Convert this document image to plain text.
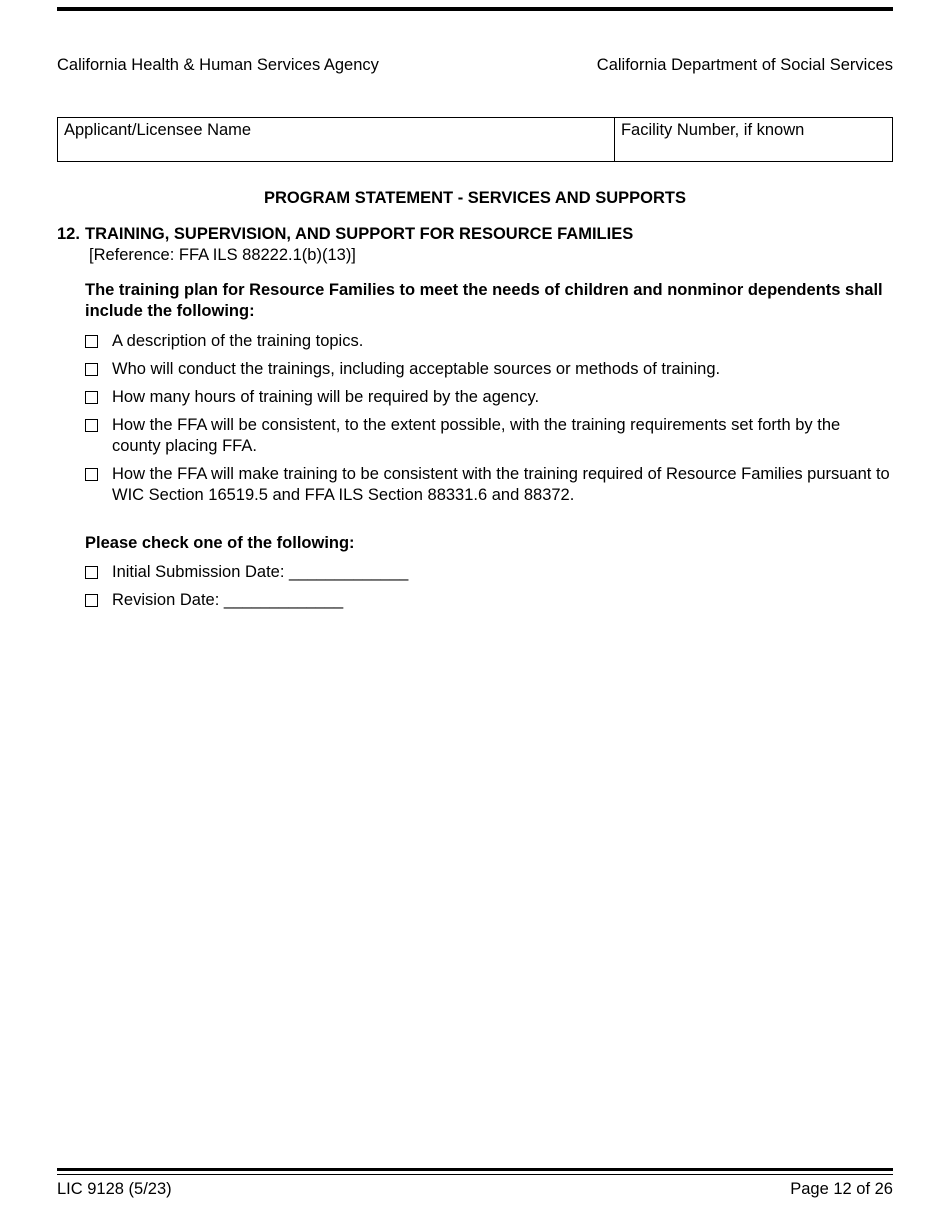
California Health & Human Services Agency	California Department of Social Services
Applicant/Licensee Name	Facility Number, if known
PROGRAM STATEMENT - SERVICES AND SUPPORTS
12. TRAINING, SUPERVISION, AND SUPPORT FOR RESOURCE FAMILIES
[Reference: FFA ILS 88222.1(b)(13)]
The training plan for Resource Families to meet the needs of children and nonminor dependents shall include the following:
A description of the training topics.
Who will conduct the trainings, including acceptable sources or methods of training.
How many hours of training will be required by the agency.
How the FFA will be consistent, to the extent possible, with the training requirements set forth by the county placing FFA.
How the FFA will make training to be consistent with the training required of Resource Families pursuant to WIC Section 16519.5 and FFA ILS Section 88331.6 and 88372.
Please check one of the following:
Initial Submission Date: _____________
Revision Date: _____________
LIC 9128 (5/23)	Page 12 of 26
